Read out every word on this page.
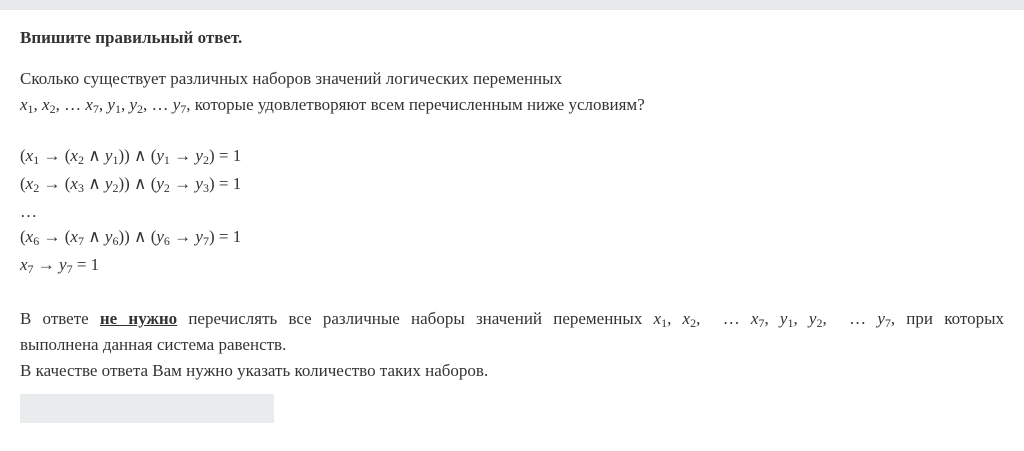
Впишите правильный ответ.
Сколько существует различных наборов значений логических переменных
$x_1$, $x_2$, … $x_7$, $y_1$, $y_2$, … $y_7$, которые удовлетворяют всем перечисленным ниже условиям?
($x_1 \to (x_2$ ∧ $y_1$)) ∧ $(y_1 \to y_2) = 1$
($x_2 \to (x_3$ ∧ $y_2$)) ∧ $(y_2 \to y_3) = 1$
…
($x_6 \to (x_7$ ∧ $y_6$)) ∧ $(y_6 \to y_7) = 1$
$x_7 \to y_7 = 1$
В ответе не нужно перечислять все различные наборы значений переменных $x_1$, $x_2$,  … $x_7$, $y_1$, $y_2$,  … $y_7$, при которых
выполнена данная система равенств.
В качестве ответа Вам нужно указать количество таких наборов.
